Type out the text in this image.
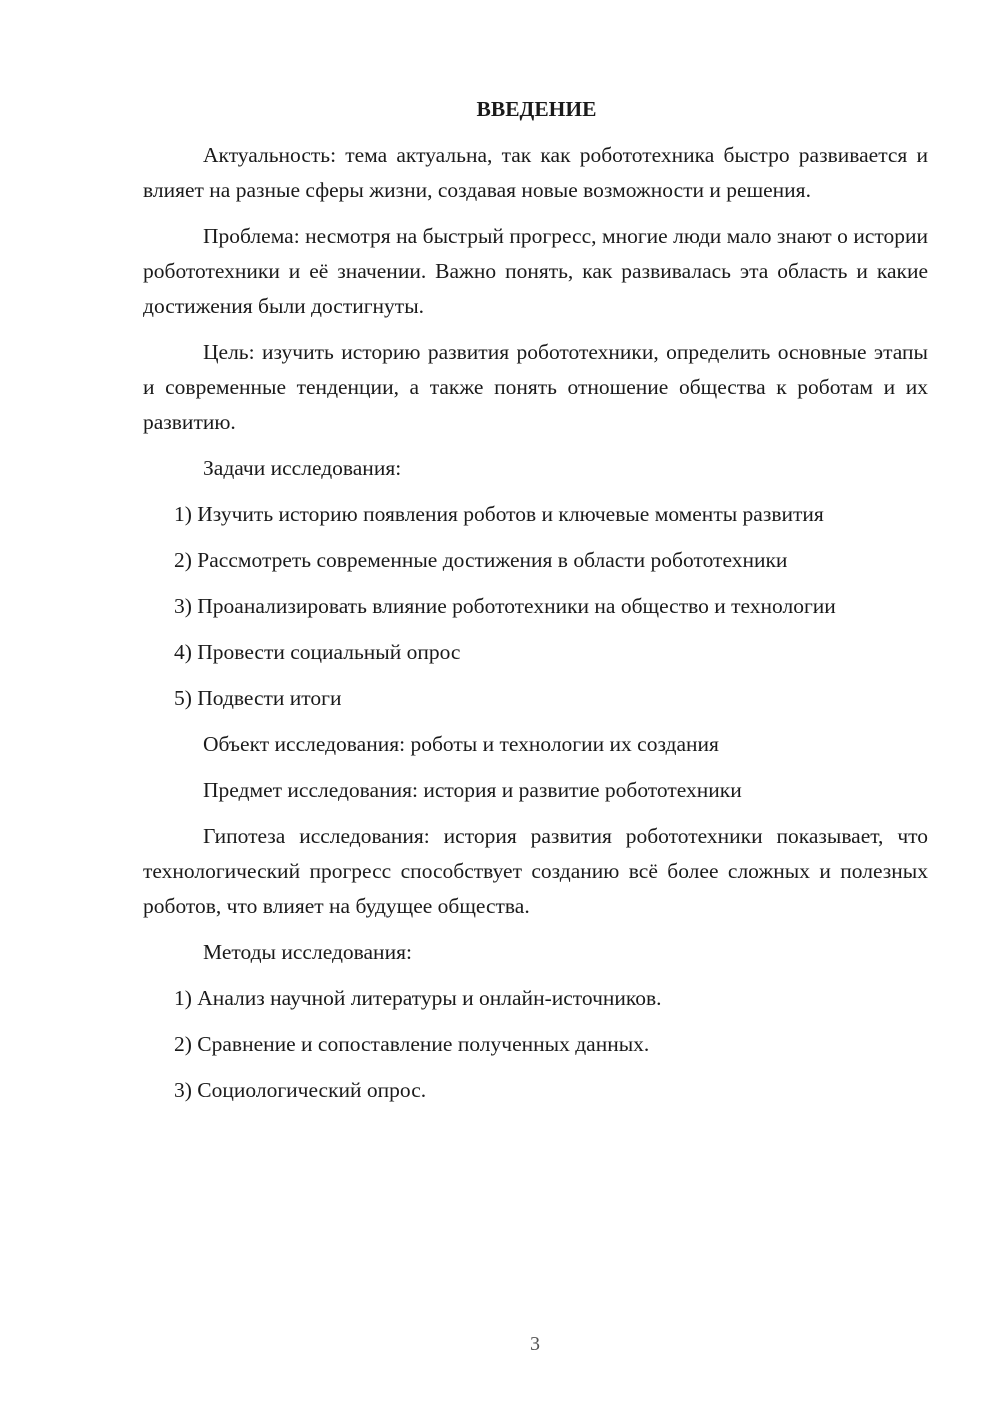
ВВЕДЕНИЕ

Актуальность: тема актуальна, так как робототехника быстро развивается и влияет на разные сферы жизни, создавая новые возможности и решения.

Проблема: несмотря на быстрый прогресс, многие люди мало знают о истории робототехники и её значении. Важно понять, как развивалась эта область и какие достижения были достигнуты.

Цель: изучить историю развития робототехники, определить основные этапы и современные тенденции, а также понять отношение общества к роботам и их развитию.

Задачи исследования:

1) Изучить историю появления роботов и ключевые моменты развития

2) Рассмотреть современные достижения в области робототехники

3) Проанализировать влияние робототехники на общество и технологии

4) Провести социальный опрос

5) Подвести итоги

Объект исследования: роботы и технологии их создания

Предмет исследования: история и развитие робототехники

Гипотеза исследования: история развития робототехники показывает, что технологический прогресс способствует созданию всё более сложных и полезных роботов, что влияет на будущее общества.

Методы исследования:

1) Анализ научной литературы и онлайн-источников.

2) Сравнение и сопоставление полученных данных.

3) Социологический опрос.

3
